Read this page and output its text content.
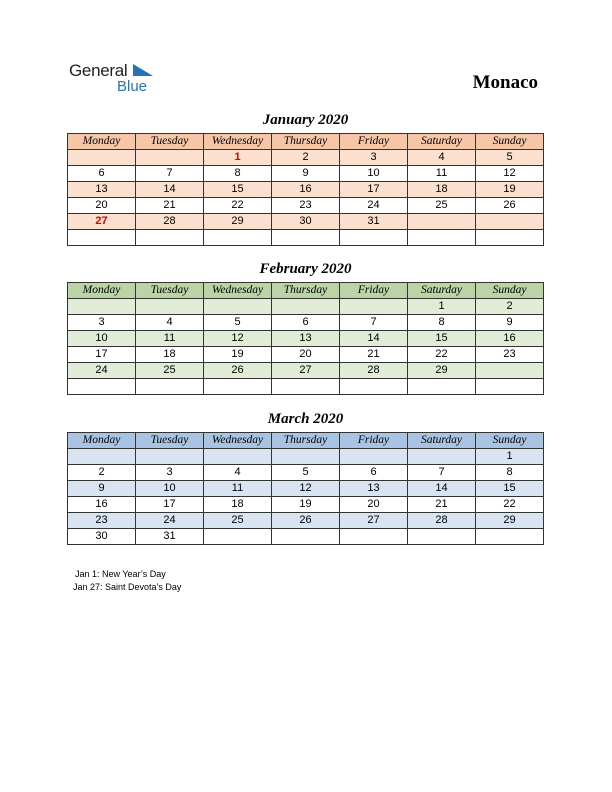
General
Blue	Monaco
January 2020
Monday	Tuesday	Wednesday	Thursday	Friday	Saturday	Sunday
		1	2	3	4	5
6	7	8	9	10	11	12
13	14	15	16	17	18	19
20	21	22	23	24	25	26
27	28	29	30	31		

February 2020
Monday	Tuesday	Wednesday	Thursday	Friday	Saturday	Sunday
					1	2
3	4	5	6	7	8	9
10	11	12	13	14	15	16
17	18	19	20	21	22	23
24	25	26	27	28	29	

March 2020
Monday	Tuesday	Wednesday	Thursday	Friday	Saturday	Sunday
						1
2	3	4	5	6	7	8
9	10	11	12	13	14	15
16	17	18	19	20	21	22
23	24	25	26	27	28	29
30	31					
Jan 1: New Year’s Day
Jan 27: Saint Devota’s Day
